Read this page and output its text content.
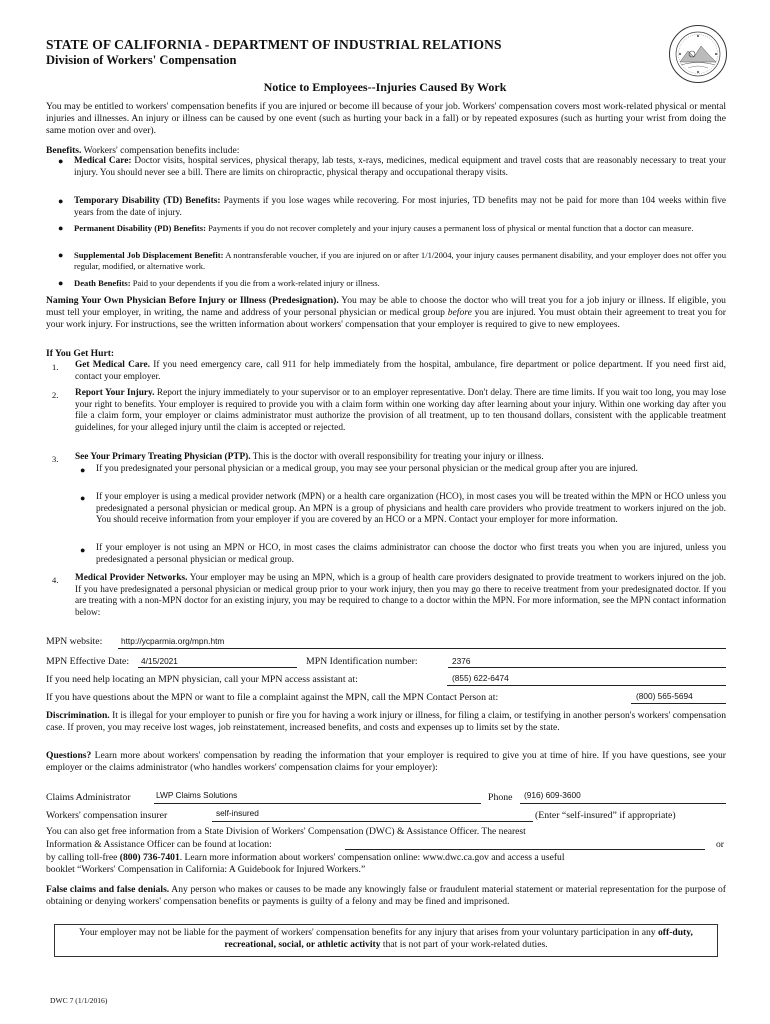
STATE OF CALIFORNIA - DEPARTMENT OF INDUSTRIAL RELATIONS
Division of Workers' Compensation
Notice to Employees--Injuries Caused By Work
You may be entitled to workers' compensation benefits if you are injured or become ill because of your job. Workers' compensation covers most work-related physical or mental injuries and illnesses. An injury or illness can be caused by one event (such as hurting your back in a fall) or by repeated exposures (such as hurting your wrist from doing the same motion over and over).
Benefits. Workers' compensation benefits include:
● Medical Care: Doctor visits, hospital services, physical therapy, lab tests, x-rays, medicines, medical equipment and travel costs that are reasonably necessary to treat your injury. You should never see a bill. There are limits on chiropractic, physical therapy and occupational therapy visits.
● Temporary Disability (TD) Benefits: Payments if you lose wages while recovering. For most injuries, TD benefits may not be paid for more than 104 weeks within five years from the date of injury.
● Permanent Disability (PD) Benefits: Payments if you do not recover completely and your injury causes a permanent loss of physical or mental function that a doctor can measure.
● Supplemental Job Displacement Benefit: A nontransferable voucher, if you are injured on or after 1/1/2004, your injury causes permanent disability, and your employer does not offer you regular, modified, or alternative work.
● Death Benefits: Paid to your dependents if you die from a work-related injury or illness.
Naming Your Own Physician Before Injury or Illness (Predesignation). You may be able to choose the doctor who will treat you for a job injury or illness. If eligible, you must tell your employer, in writing, the name and address of your personal physician or medical group before you are injured. You must obtain their agreement to treat you for your work injury. For instructions, see the written information about workers' compensation that your employer is required to give to new employees.
If You Get Hurt:
1. Get Medical Care. If you need emergency care, call 911 for help immediately from the hospital, ambulance, fire department or police department. If you need first aid, contact your employer.
2. Report Your Injury. Report the injury immediately to your supervisor or to an employer representative. Don't delay. There are time limits. If you wait too long, you may lose your right to benefits. Your employer is required to provide you with a claim form within one working day after learning about your injury. Within one working day after you file a claim form, your employer or claims administrator must authorize the provision of all treatment, up to ten thousand dollars, consistent with the applicable treatment guidelines, for your alleged injury until the claim is accepted or rejected.
3. See Your Primary Treating Physician (PTP). This is the doctor with overall responsibility for treating your injury or illness.
● If you predesignated your personal physician or a medical group, you may see your personal physician or the medical group after you are injured.
● If your employer is using a medical provider network (MPN) or a health care organization (HCO), in most cases you will be treated within the MPN or HCO unless you predesignated a personal physician or medical group. An MPN is a group of physicians and health care providers who provide treatment to workers injured on the job. You should receive information from your employer if you are covered by an HCO or a MPN. Contact your employer for more information.
● If your employer is not using an MPN or HCO, in most cases the claims administrator can choose the doctor who first treats you when you are injured, unless you predesignated a personal physician or medical group.
4. Medical Provider Networks. Your employer may be using an MPN, which is a group of health care providers designated to provide treatment to workers injured on the job. If you have predesignated a personal physician or medical group prior to your work injury, then you may go there to receive treatment from your predesignated doctor. If you are treating with a non-MPN doctor for an existing injury, you may be required to change to a doctor within the MPN. For more information, see the MPN contact information below:
MPN website: http://ycparmia.org/mpn.htm
MPN Effective Date: 4/15/2021	MPN Identification number:	2376
If you need help locating an MPN physician, call your MPN access assistant at:	(855) 622-6474
If you have questions about the MPN or want to file a complaint against the MPN, call the MPN Contact Person at:	(800) 565-5694
Discrimination. It is illegal for your employer to punish or fire you for having a work injury or illness, for filing a claim, or testifying in another person's workers' compensation case. If proven, you may receive lost wages, job reinstatement, increased benefits, and costs and expenses up to limits set by the state.
Questions? Learn more about workers' compensation by reading the information that your employer is required to give you at time of hire. If you have questions, see your employer or the claims administrator (who handles workers' compensation claims for your employer):
Claims Administrator	LWP Claims Solutions	Phone (916) 609-3600
Workers' compensation insurer	self-insured	(Enter “self-insured” if appropriate)
You can also get free information from a State Division of Workers' Compensation (DWC) & Assistance Officer. The nearest
Information & Assistance Officer can be found at location:	or
by calling toll-free (800) 736-7401. Learn more information about workers' compensation online: www.dwc.ca.gov and access a useful
booklet “Workers' Compensation in California: A Guidebook for Injured Workers.”
False claims and false denials. Any person who makes or causes to be made any knowingly false or fraudulent material statement or material representation for the purpose of obtaining or denying workers' compensation benefits or payments is guilty of a felony and may be fined and imprisoned.
Your employer may not be liable for the payment of workers' compensation benefits for any injury that arises from your voluntary participation in any off-duty, recreational, social, or athletic activity that is not part of your work-related duties.
DWC 7 (1/1/2016)
